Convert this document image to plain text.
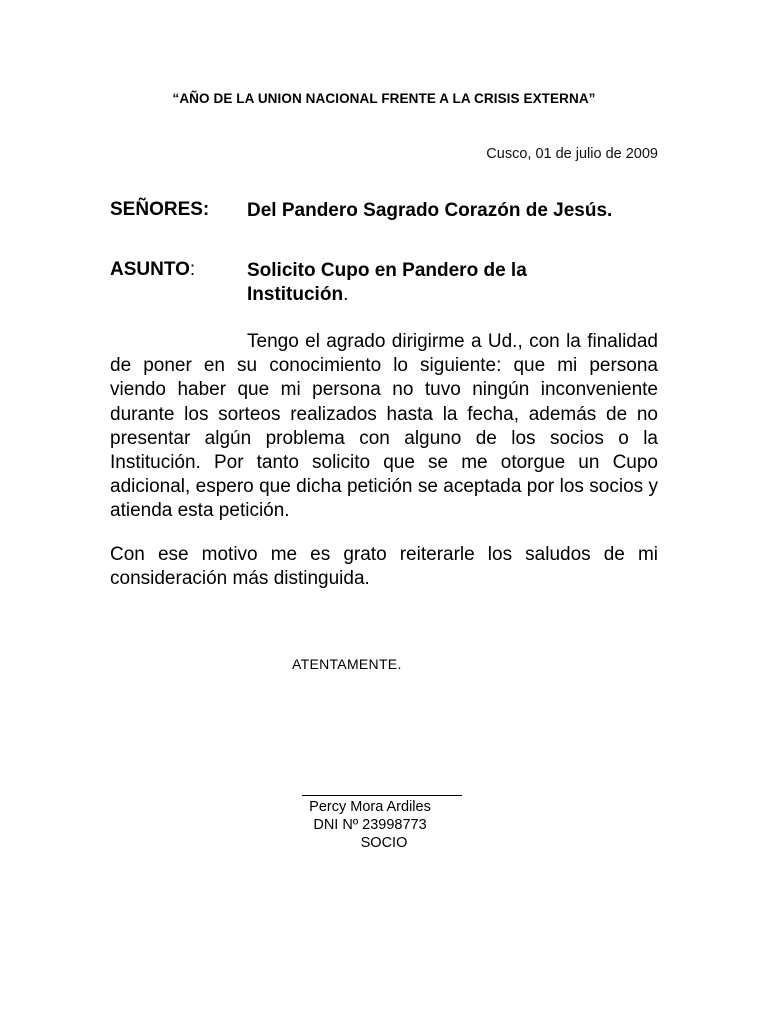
“AÑO DE LA UNION NACIONAL FRENTE A LA CRISIS EXTERNA”
Cusco, 01 de julio de 2009
SEÑORES: Del Pandero Sagrado Corazón de Jesús.
ASUNTO:	Solicito Cupo en Pandero de la
Institución.

Tengo el agrado dirigirme a Ud., con la finalidad de poner en su conocimiento lo siguiente: que mi persona viendo haber que mi persona no tuvo ningún inconveniente durante los sorteos realizados hasta la fecha, además de no presentar algún problema con alguno de los socios o la Institución. Por tanto solicito que se me otorgue un Cupo adicional, espero que dicha petición se aceptada por los socios y atienda esta petición.

Con ese motivo me es grato reiterarle los saludos de mi consideración más distinguida.

ATENTAMENTE.
Percy Mora Ardiles
DNI Nº 23998773
SOCIO
